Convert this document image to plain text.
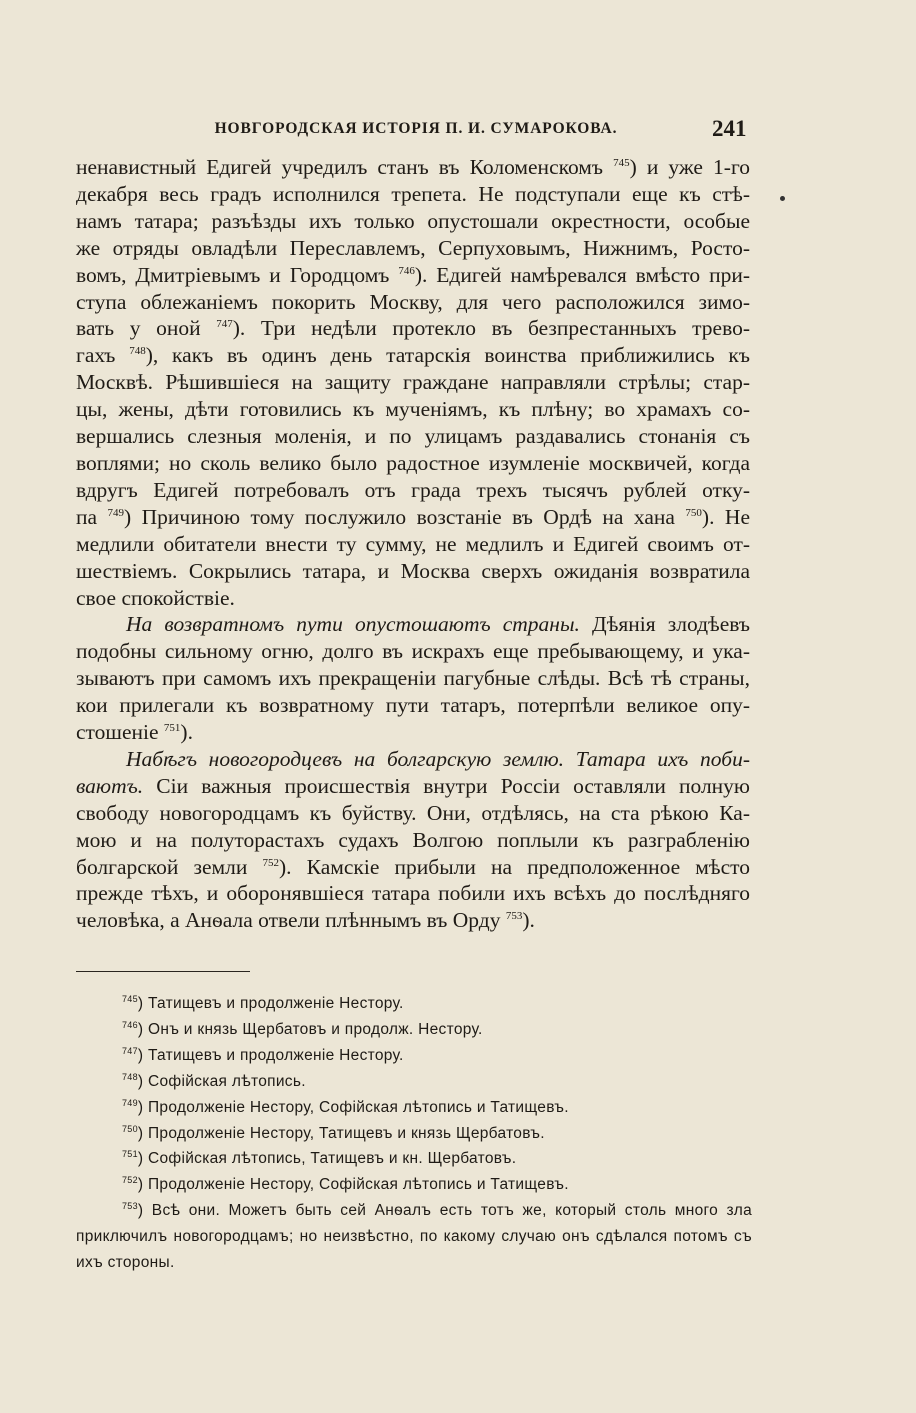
НОВГОРОДСКАЯ ИСТОРІЯ П. И. СУМАРОКОВА.	241

ненавистный Едигей учредилъ станъ въ Коломенскомъ $^{745}$) и уже 1-го
декабря весь градъ исполнился трепета. Не подступали еще къ стѣ-
намъ татара; разъѣзды ихъ только опустошали окрестности, особые
же отряды овладѣли Переславлемъ, Серпуховымъ, Нижнимъ, Росто-
вомъ, Дмитріевымъ и Городцомъ $^{746}$). Едигей намѣревался вмѣсто при-
ступа облежаніемъ покорить Москву, для чего расположился зимо-
вать у оной $^{747}$). Три недѣли протекло въ безпрестанныхъ трево-
гахъ $^{748}$), какъ въ одинъ день татарскія воинства приближились къ
Москвѣ. Рѣшившіеся на защиту граждане направляли стрѣлы; стар-
цы, жены, дѣти готовились къ мученіямъ, къ плѣну; во храмахъ со-
вершались слезныя моленія, и по улицамъ раздавались стонанія съ
воплями; но сколь велико было радостное изумленіе москвичей, когда
вдругъ Едигей потребовалъ отъ града трехъ тысячъ рублей отку-
па $^{749}$) Причиною тому послужило возстаніе въ Ордѣ на хана $^{750}$). Не
медлили обитатели внести ту сумму, не медлилъ и Едигей своимъ от-
шествіемъ. Сокрылись татара, и Москва сверхъ ожиданія возвратила
свое спокойствіе.

На возвратномъ пути опустошаютъ страны. Дѣянія злодѣевъ
подобны сильному огню, долго въ искрахъ еще пребывающему, и ука-
зываютъ при самомъ ихъ прекращеніи пагубные слѣды. Всѣ тѣ страны,
кои прилегали къ возвратному пути татаръ, потерпѣли великое опу-
стошеніе $^{751}$).

Набѣгъ новогородцевъ на болгарскую землю. Татара ихъ поби-
ваютъ. Сіи важныя происшествія внутри Россіи оставляли полную
свободу новогородцамъ къ буйству. Они, отдѣлясь, на ста рѣкою Ка-
мою и на полуторастахъ судахъ Волгою поплыли къ разграбленію
болгарской земли $^{752}$). Камскіе прибыли на предположенное мѣсто
прежде тѣхъ, и оборонявшіеся татара побили ихъ всѣхъ до послѣдняго
человѣка, а Анѳала отвели плѣннымъ въ Орду $^{753}$).

$^{745}$) Татищевъ и продолженіе Нестору.
$^{746}$) Онъ и князь Щербатовъ и продолж. Нестору.
$^{747}$) Татищевъ и продолженіе Нестору.
$^{748}$) Софійская лѣтопись.
$^{749}$) Продолженіе Нестору, Софійская лѣтопись и Татищевъ.
$^{750}$) Продолженіе Нестору, Татищевъ и князь Щербатовъ.
$^{751}$) Софійская лѣтопись, Татищевъ и кн. Щербатовъ.
$^{752}$) Продолженіе Нестору, Софійская лѣтопись и Татищевъ.
$^{753}$) Всѣ они. Можетъ быть сей Анѳалъ есть тотъ же, который столь много зла приключилъ новогородцамъ; но неизвѣстно, по какому случаю онъ сдѣлался потомъ съ ихъ стороны.
